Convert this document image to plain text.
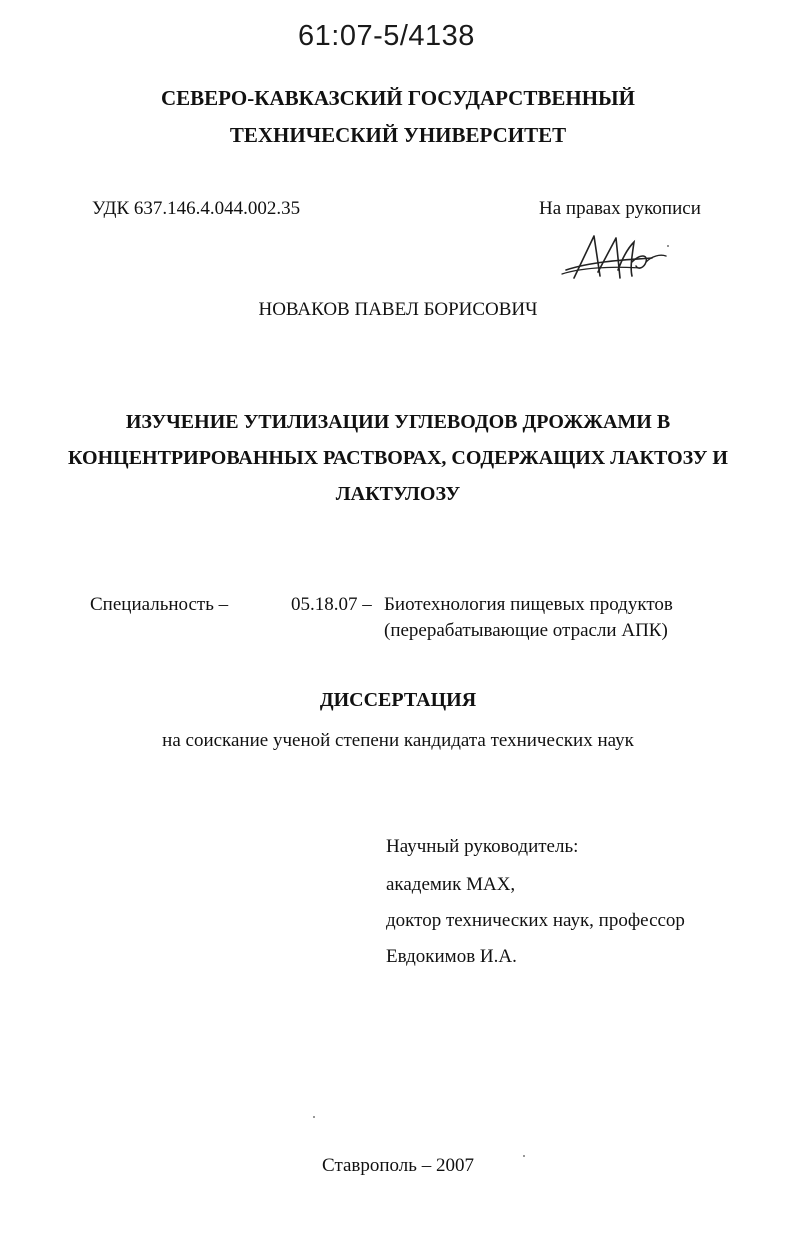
61:07-5/4138
СЕВЕРО-КАВКАЗСКИЙ ГОСУДАРСТВЕННЫЙ
ТЕХНИЧЕСКИЙ УНИВЕРСИТЕТ
УДК 637.146.4.044.002.35	На правах рукописи
НОВАКОВ ПАВЕЛ БОРИСОВИЧ
ИЗУЧЕНИЕ УТИЛИЗАЦИИ УГЛЕВОДОВ ДРОЖЖАМИ В
КОНЦЕНТРИРОВАННЫХ РАСТВОРАХ, СОДЕРЖАЩИХ ЛАКТОЗУ И
ЛАКТУЛОЗУ
Специальность –	05.18.07 – Биотехнология пищевых продуктов
(перерабатывающие отрасли АПК)
ДИССЕРТАЦИЯ
на соискание ученой степени кандидата технических наук
Научный руководитель:
академик МАХ,
доктор технических наук, профессор
Евдокимов И.А.
Ставрополь – 2007
